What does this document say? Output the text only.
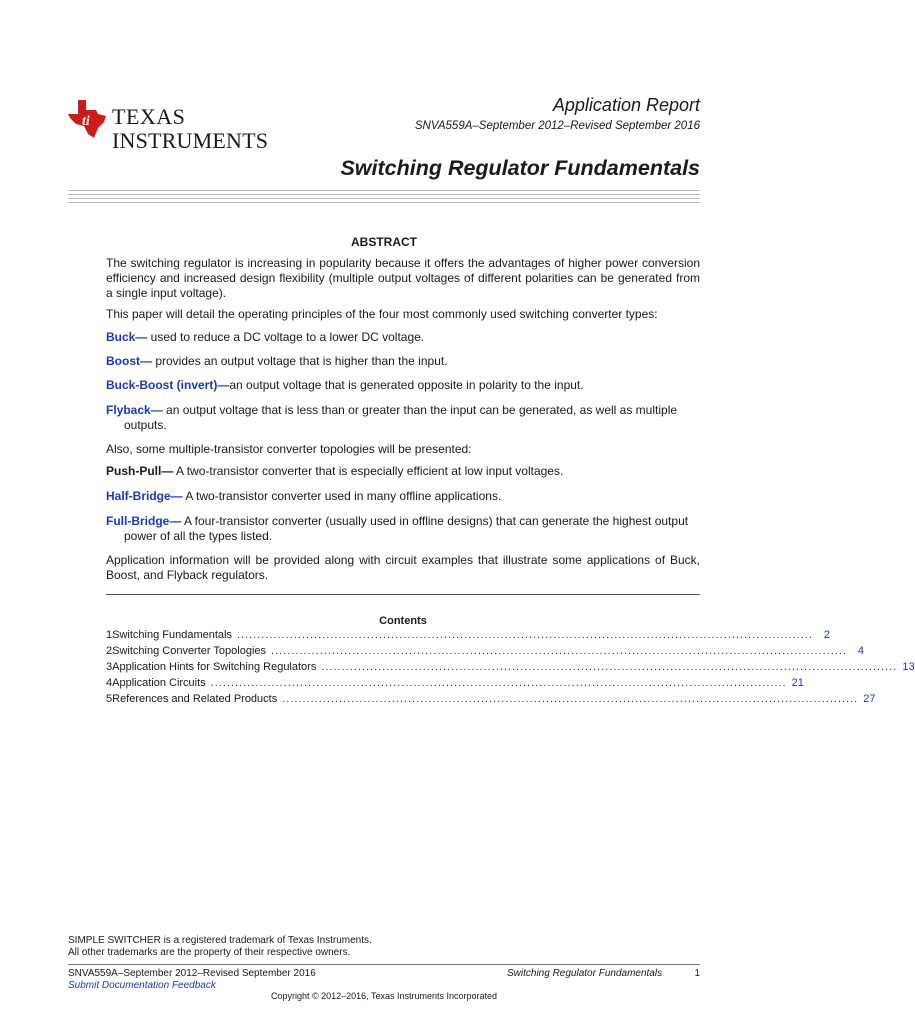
ti TEXAS
INSTRUMENTS
Application Report
SNVA559A–September 2012–Revised September 2016
Switching Regulator Fundamentals
ABSTRACT
The switching regulator is increasing in popularity because it offers the advantages of higher power conversion efficiency and increased design flexibility (multiple output voltages of different polarities can be generated from a single input voltage).
This paper will detail the operating principles of the four most commonly used switching converter types:
Buck— used to reduce a DC voltage to a lower DC voltage.
Boost— provides an output voltage that is higher than the input.
Buck-Boost (invert)—an output voltage that is generated opposite in polarity to the input.
Flyback— an output voltage that is less than or greater than the input can be generated, as well as multiple outputs.
Also, some multiple-transistor converter topologies will be presented:
Push-Pull— A two-transistor converter that is especially efficient at low input voltages.
Half-Bridge— A two-transistor converter used in many offline applications.
Full-Bridge— A four-transistor converter (usually used in offline designs) that can generate the highest output power of all the types listed.
Application information will be provided along with circuit examples that illustrate some applications of Buck, Boost, and Flyback regulators.
Contents
1 Switching Fundamentals .............................................................................................................................................. 2
2 Switching Converter Topologies .............................................................................................................................................. 4
3 Application Hints for Switching Regulators .............................................................................................................................................. 13
4 Application Circuits .............................................................................................................................................. 21
5 References and Related Products .............................................................................................................................................. 27
SIMPLE SWITCHER is a registered trademark of Texas Instruments.
All other trademarks are the property of their respective owners.
SNVA559A–September 2012–Revised September 2016
Submit Documentation Feedback
Switching Regulator Fundamentals	1
Copyright © 2012–2016, Texas Instruments Incorporated
